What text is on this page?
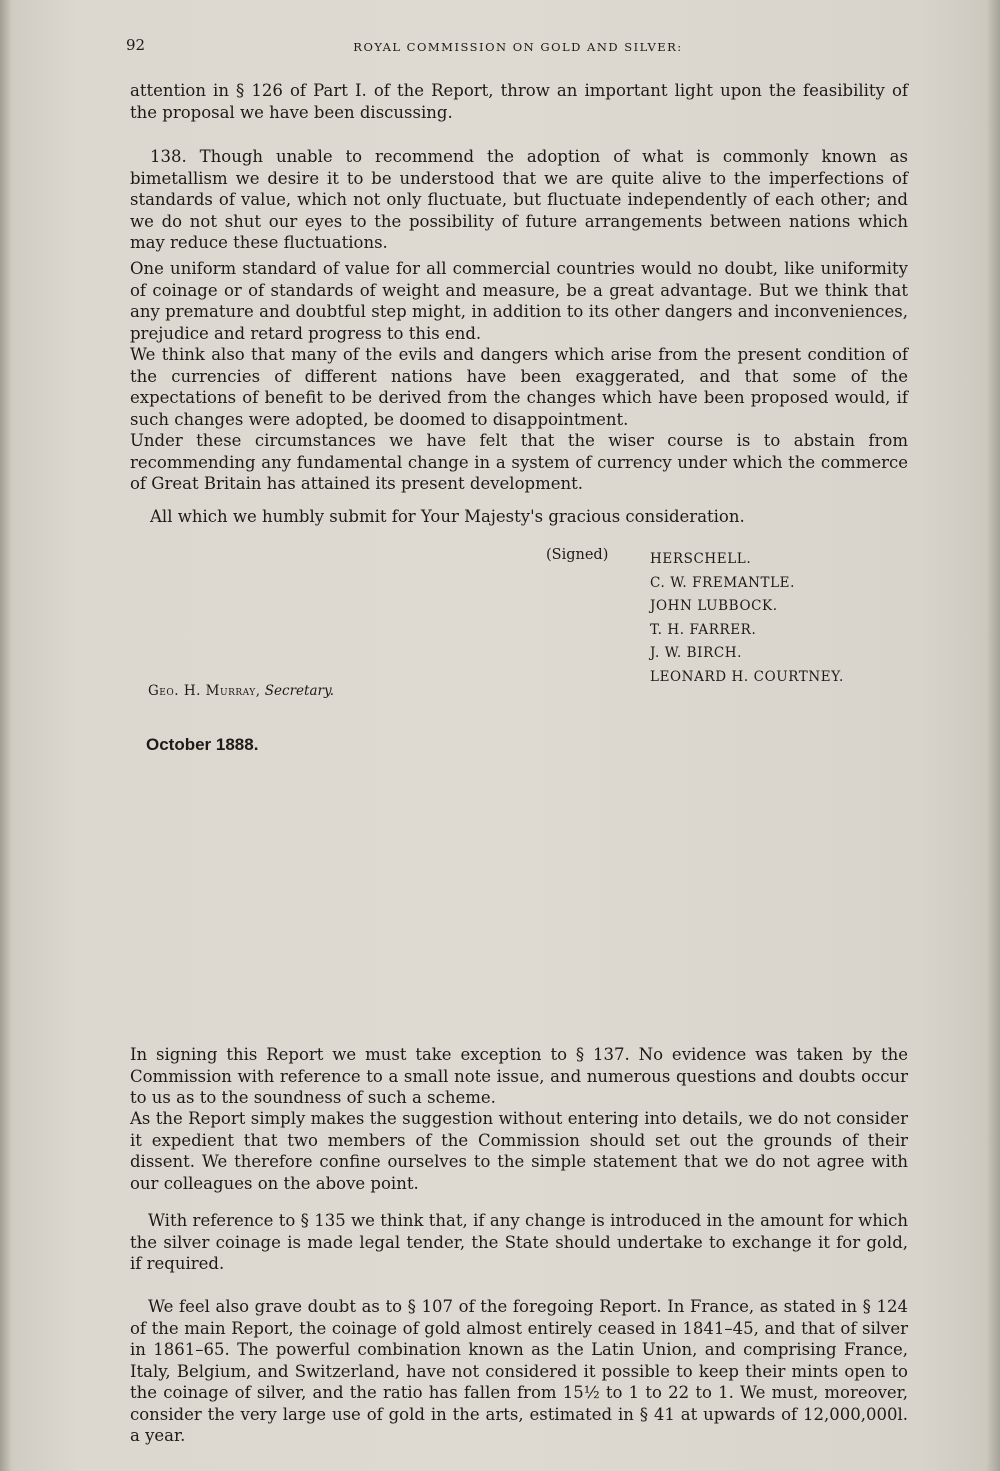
92	ROYAL COMMISSION ON GOLD AND SILVER:

attention in § 126 of Part I. of the Report, throw an important light upon the feasibility of the proposal we have been discussing.

138. Though unable to recommend the adoption of what is commonly known as bimetallism we desire it to be understood that we are quite alive to the imperfections of standards of value, which not only fluctuate, but fluctuate independently of each other; and we do not shut our eyes to the possibility of future arrangements between nations which may reduce these fluctuations.

One uniform standard of value for all commercial countries would no doubt, like uniformity of coinage or of standards of weight and measure, be a great advantage. But we think that any premature and doubtful step might, in addition to its other dangers and inconveniences, prejudice and retard progress to this end.

We think also that many of the evils and dangers which arise from the present condition of the currencies of different nations have been exaggerated, and that some of the expectations of benefit to be derived from the changes which have been proposed would, if such changes were adopted, be doomed to disappointment.

Under these circumstances we have felt that the wiser course is to abstain from recommending any fundamental change in a system of currency under which the commerce of Great Britain has attained its present development.

All which we humbly submit for Your Majesty's gracious consideration.

(Signed)	HERSCHELL.
C. W. FREMANTLE.
JOHN LUBBOCK.
T. H. FARRER.
J. W. BIRCH.
LEONARD H. COURTNEY.
Geo. H. Murray, Secretary.
October 1888.

In signing this Report we must take exception to § 137. No evidence was taken by the Commission with reference to a small note issue, and numerous questions and doubts occur to us as to the soundness of such a scheme.

As the Report simply makes the suggestion without entering into details, we do not consider it expedient that two members of the Commission should set out the grounds of their dissent. We therefore confine ourselves to the simple statement that we do not agree with our colleagues on the above point.

With reference to § 135 we think that, if any change is introduced in the amount for which the silver coinage is made legal tender, the State should undertake to exchange it for gold, if required.

We feel also grave doubt as to § 107 of the foregoing Report. In France, as stated in § 124 of the main Report, the coinage of gold almost entirely ceased in 1841–45, and that of silver in 1861–65. The powerful combination known as the Latin Union, and comprising France, Italy, Belgium, and Switzerland, have not considered it possible to keep their mints open to the coinage of silver, and the ratio has fallen from 15½ to 1 to 22 to 1. We must, moreover, consider the very large use of gold in the arts, estimated in § 41 at upwards of 12,000,000l. a year.
